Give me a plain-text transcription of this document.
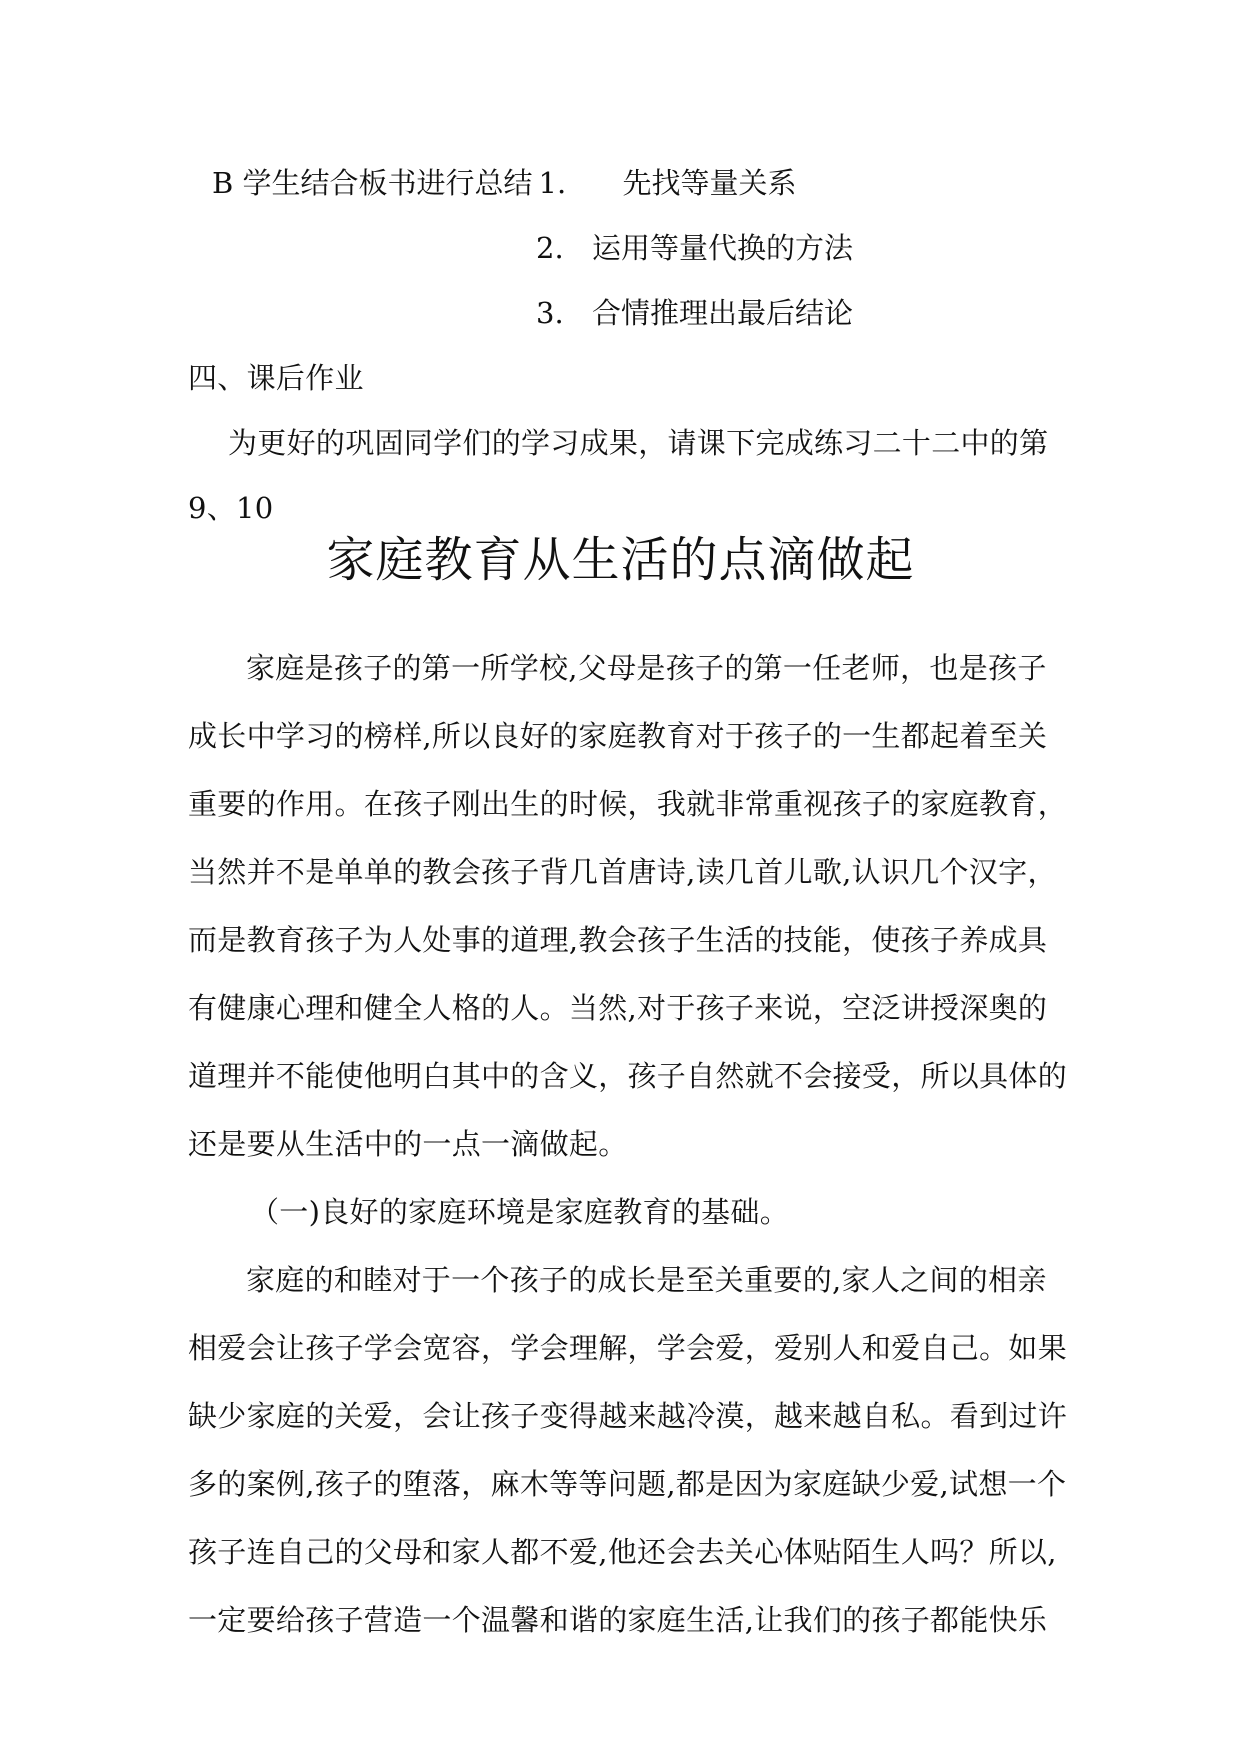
B 学生结合板书进行总结 1. 先找等量关系
2. 运用等量代换的方法
3. 合情推理出最后结论
四、课后作业
为更好的巩固同学们的学习成果，请课下完成练习二十二中的第
9、10
家庭教育从生活的点滴做起
家庭是孩子的第一所学校,父母是孩子的第一任老师，也是孩子
成长中学习的榜样,所以良好的家庭教育对于孩子的一生都起着至关
重要的作用。在孩子刚出生的时候，我就非常重视孩子的家庭教育，
当然并不是单单的教会孩子背几首唐诗,读几首儿歌,认识几个汉字，
而是教育孩子为人处事的道理,教会孩子生活的技能，使孩子养成具
有健康心理和健全人格的人。当然,对于孩子来说，空泛讲授深奥的
道理并不能使他明白其中的含义，孩子自然就不会接受，所以具体的
还是要从生活中的一点一滴做起。
（一)良好的家庭环境是家庭教育的基础。
家庭的和睦对于一个孩子的成长是至关重要的,家人之间的相亲
相爱会让孩子学会宽容，学会理解，学会爱，爱别人和爱自己。如果
缺少家庭的关爱，会让孩子变得越来越冷漠，越来越自私。看到过许
多的案例,孩子的堕落，麻木等等问题,都是因为家庭缺少爱,试想一个
孩子连自己的父母和家人都不爱,他还会去关心体贴陌生人吗？所以,
一定要给孩子营造一个温馨和谐的家庭生活,让我们的孩子都能快乐
